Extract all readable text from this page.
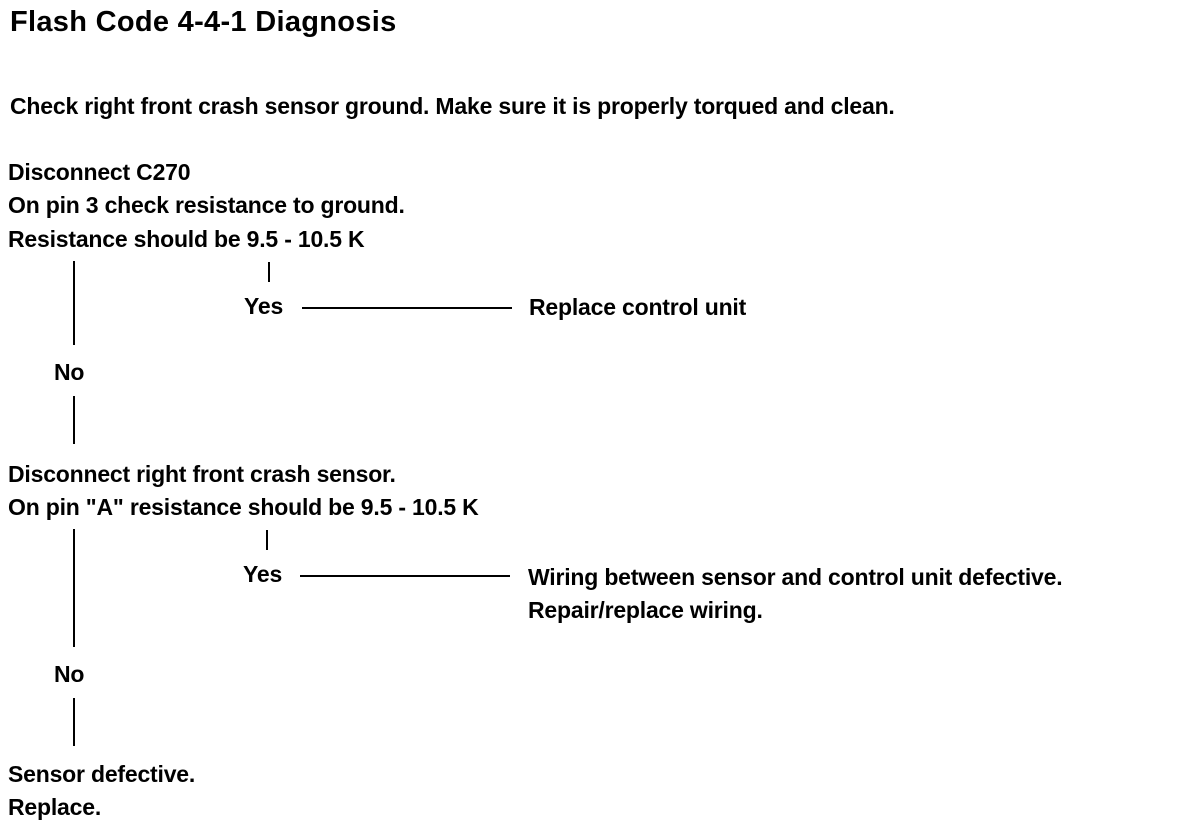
Flash Code 4-4-1 Diagnosis
Check right front crash sensor ground. Make sure it is properly torqued and clean.
Disconnect C270
On pin 3 check resistance to ground.
Resistance should be 9.5 - 10.5 K
Yes	Replace control unit
No
Disconnect right front crash sensor.
On pin "A" resistance should be 9.5 - 10.5 K
Yes	Wiring between sensor and control unit defective.
Repair/replace wiring.
No
Sensor defective.
Replace.
